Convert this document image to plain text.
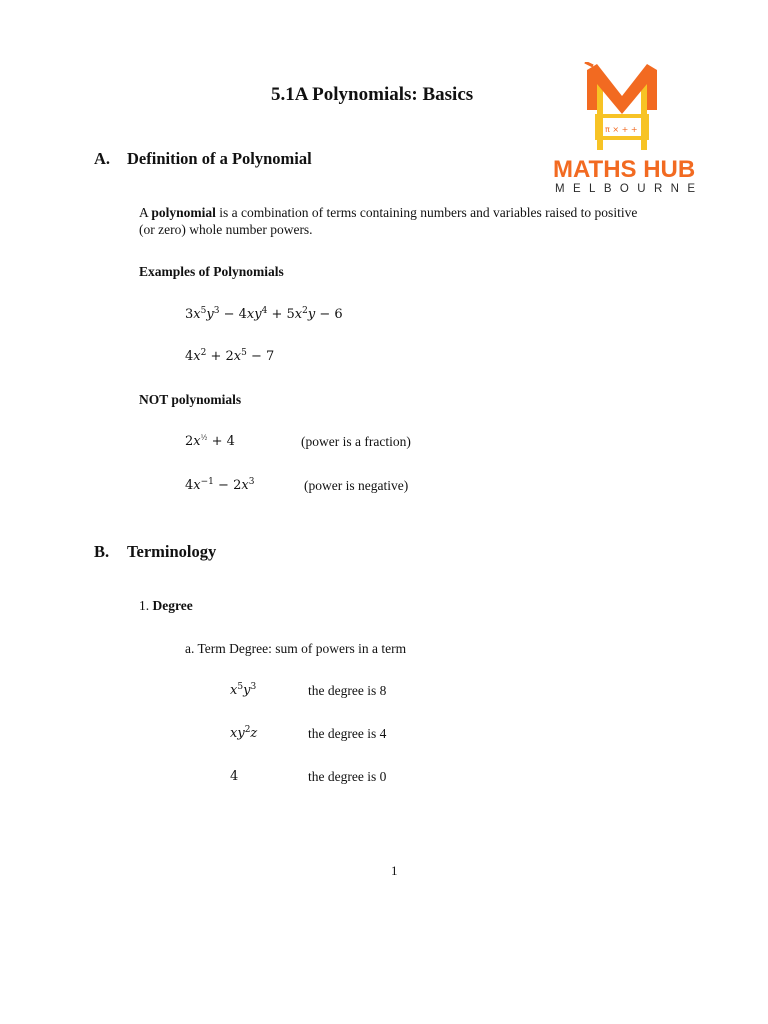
5.1A Polynomials: Basics
π × + +
MATHS HUB
MELBOURNE
A. Definition of a Polynomial
A polynomial is a combination of terms containing numbers and variables raised to positive
(or zero) whole number powers.
Examples of Polynomials
$3x^5y^3 - 4xy^4 + 5x^2y - 6$
$4x^2 + 2x^5 - 7$
NOT polynomials
$2x^{\frac{1}{2}} + 4$	(power is a fraction)
$4x^{-1} - 2x^3$	(power is negative)
B. Terminology
1. Degree
a. Term Degree: sum of powers in a term
$x^5y^3$	the degree is 8
$xy^2z$	the degree is 4
4	the degree is 0
1
